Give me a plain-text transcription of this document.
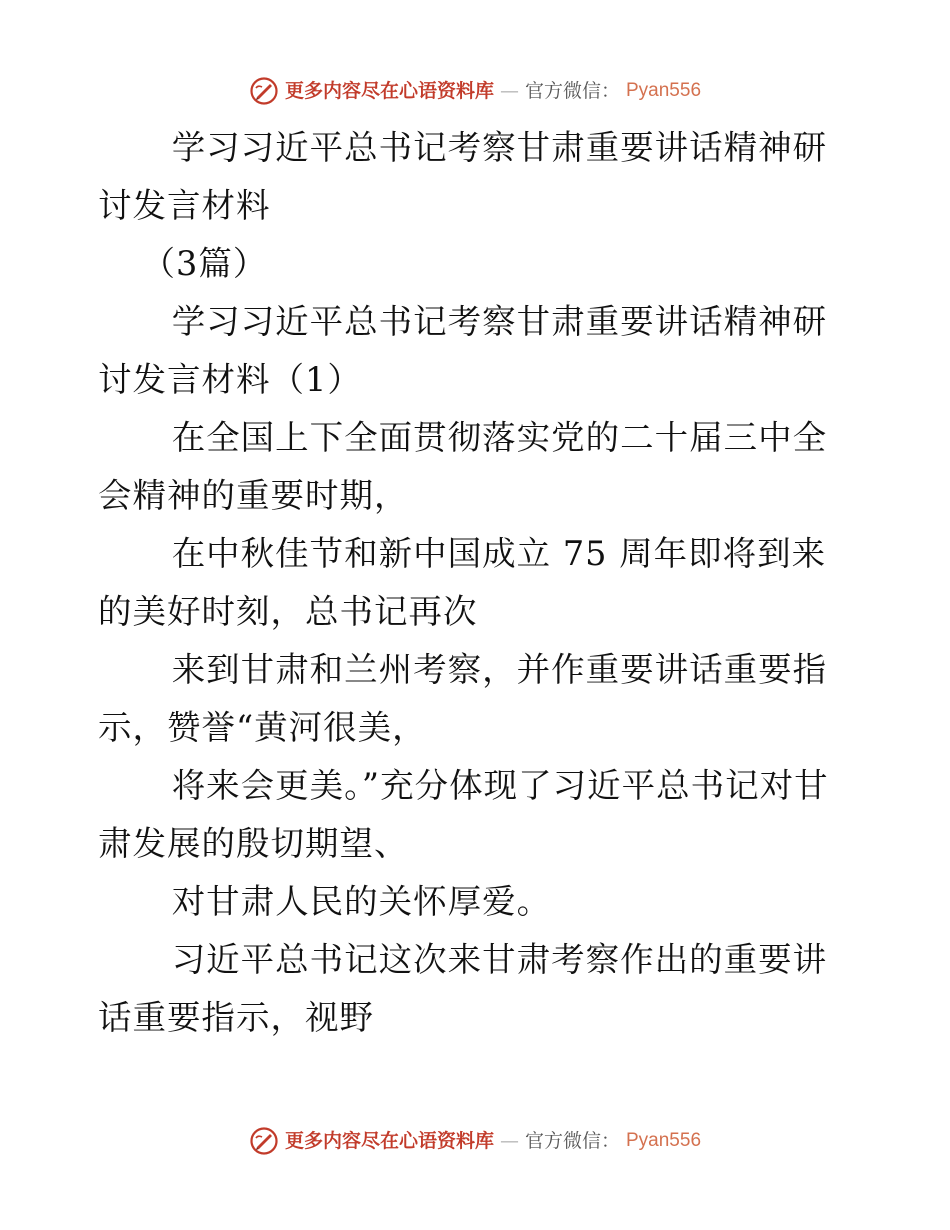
更多内容尽在心语资料库 — 官方微信： Pyan556

学习习近平总书记考察甘肃重要讲话精神研讨发言材料

（3篇）

学习习近平总书记考察甘肃重要讲话精神研讨发言材料（1）

在全国上下全面贯彻落实党的二十届三中全会精神的重要时期，

在中秋佳节和新中国成立 75 周年即将到来的美好时刻，总书记再次

来到甘肃和兰州考察，并作重要讲话重要指示，赞誉“黄河很美，

将来会更美。”充分体现了习近平总书记对甘肃发展的殷切期望、

对甘肃人民的关怀厚爱。

习近平总书记这次来甘肃考察作出的重要讲话重要指示，视野

更多内容尽在心语资料库 — 官方微信： Pyan556
